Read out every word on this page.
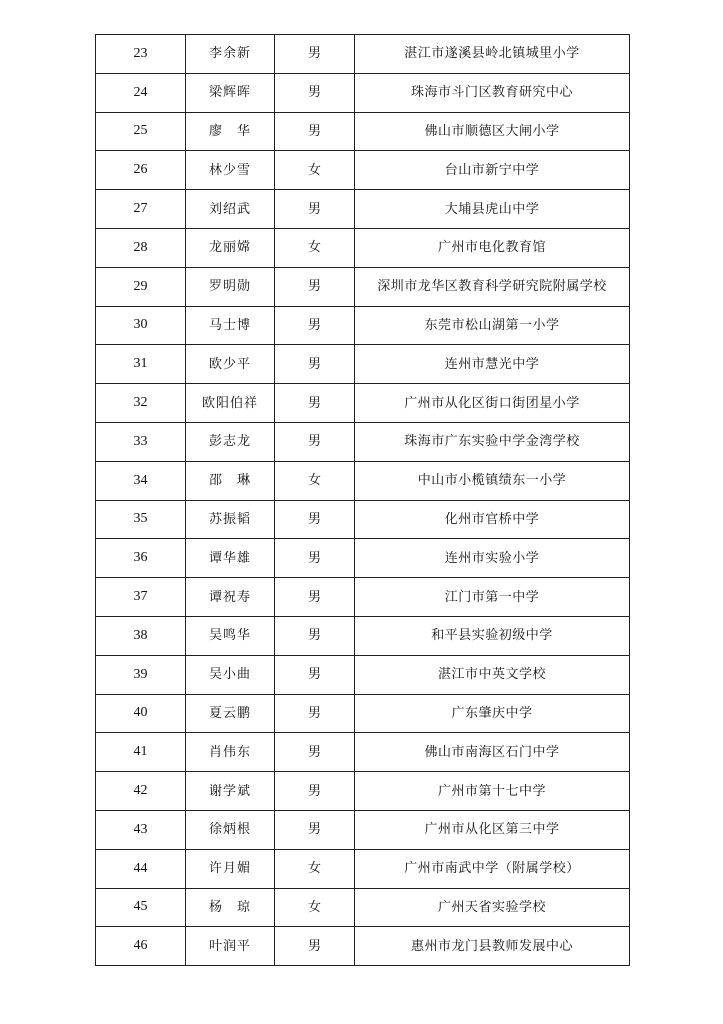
23	李余新	男	湛江市遂溪县岭北镇城里小学
24	梁辉晖	男	珠海市斗门区教育研究中心
25	廖　华	男	佛山市顺德区大闸小学
26	林少雪	女	台山市新宁中学
27	刘绍武	男	大埔县虎山中学
28	龙丽嫦	女	广州市电化教育馆
29	罗明勋	男	深圳市龙华区教育科学研究院附属学校
30	马士博	男	东莞市松山湖第一小学
31	欧少平	男	连州市慧光中学
32	欧阳伯祥	男	广州市从化区街口街团星小学
33	彭志龙	男	珠海市广东实验中学金湾学校
34	邵　琳	女	中山市小榄镇绩东一小学
35	苏振韬	男	化州市官桥中学
36	谭华雄	男	连州市实验小学
37	谭祝寿	男	江门市第一中学
38	吴鸣华	男	和平县实验初级中学
39	吴小曲	男	湛江市中英文学校
40	夏云鹏	男	广东肇庆中学
41	肖伟东	男	佛山市南海区石门中学
42	谢学斌	男	广州市第十七中学
43	徐炳根	男	广州市从化区第三中学
44	许月媚	女	广州市南武中学（附属学校）
45	杨　琼	女	广州天省实验学校
46	叶润平	男	惠州市龙门县教师发展中心
